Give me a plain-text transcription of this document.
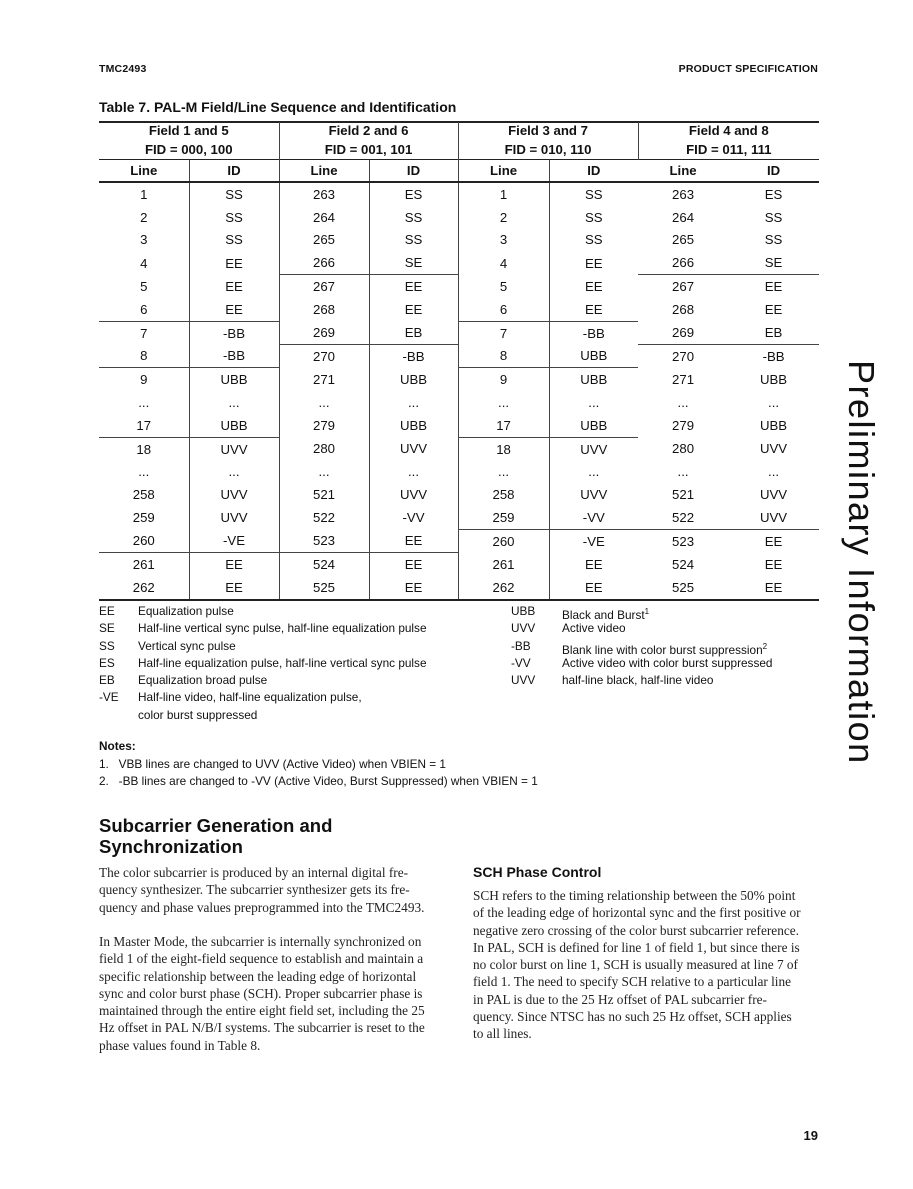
TMC2493	PRODUCT SPECIFICATION
Table 7. PAL-M Field/Line Sequence and Identification
Field 1 and 5		Field 2 and 6		Field 3 and 7		Field 4 and 8	
FID = 000, 100		FID = 001, 101		FID = 010, 110		FID = 011, 111	
Line	ID	Line	ID	Line	ID	Line	ID
1	SS	263	ES	1	SS	263	ES
2	SS	264	SS	2	SS	264	SS
3	SS	265	SS	3	SS	265	SS
4	EE	266	SE	4	EE	266	SE
5	EE	267	EE	5	EE	267	EE
6	EE	268	EE	6	EE	268	EE
7	-BB	269	EB	7	-BB	269	EB
8	-BB	270	-BB	8	UBB	270	-BB
9	UBB	271	UBB	9	UBB	271	UBB
...	...	...	...	...	...	...	...
17	UBB	279	UBB	17	UBB	279	UBB
18	UVV	280	UVV	18	UVV	280	UVV
...	...	...	...	...	...	...	...
258	UVV	521	UVV	258	UVV	521	UVV
259	UVV	522	-VV	259	-VV	522	UVV
260	-VE	523	EE	260	-VE	523	EE
261	EE	524	EE	261	EE	524	EE
262	EE	525	EE	262	EE	525	EE
EE Equalization pulse
SE Half-line vertical sync pulse, half-line equalization pulse
SS Vertical sync pulse
ES Half-line equalization pulse, half-line vertical sync pulse
EB Equalization broad pulse
-VE Half-line video, half-line equalization pulse,
color burst suppressed
UBB Black and Burst$^1$
UVV Active video
-BB	Blank line with color burst suppression$^2$
-VV	Active video with color burst suppressed
UVV half-line black, half-line video
Notes:
1.   VBB lines are changed to UVV (Active Video) when VBIEN = 1
2.   -BB lines are changed to -VV (Active Video, Burst Suppressed) when VBIEN = 1
Subcarrier Generation and
Synchronization
The color subcarrier is produced by an internal digital fre-
quency synthesizer. The subcarrier synthesizer gets its fre-
quency and phase values preprogrammed into the TMC2493.
In Master Mode, the subcarrier is internally synchronized on
field 1 of the eight-field sequence to establish and maintain a
specific relationship between the leading edge of horizontal
sync and color burst phase (SCH). Proper subcarrier phase is
maintained through the entire eight field set, including the 25
Hz offset in PAL N/B/I systems. The subcarrier is reset to the
phase values found in Table 8.
SCH Phase Control
SCH refers to the timing relationship between the 50% point
of the leading edge of horizontal sync and the first positive or
negative zero crossing of the color burst subcarrier reference.
In PAL, SCH is defined for line 1 of field 1, but since there is
no color burst on line 1, SCH is usually measured at line 7 of
field 1. The need to specify SCH relative to a particular line
in PAL is due to the 25 Hz offset of PAL subcarrier fre-
quency. Since NTSC has no such 25 Hz offset, SCH applies
to all lines.
Preliminary Information
19
